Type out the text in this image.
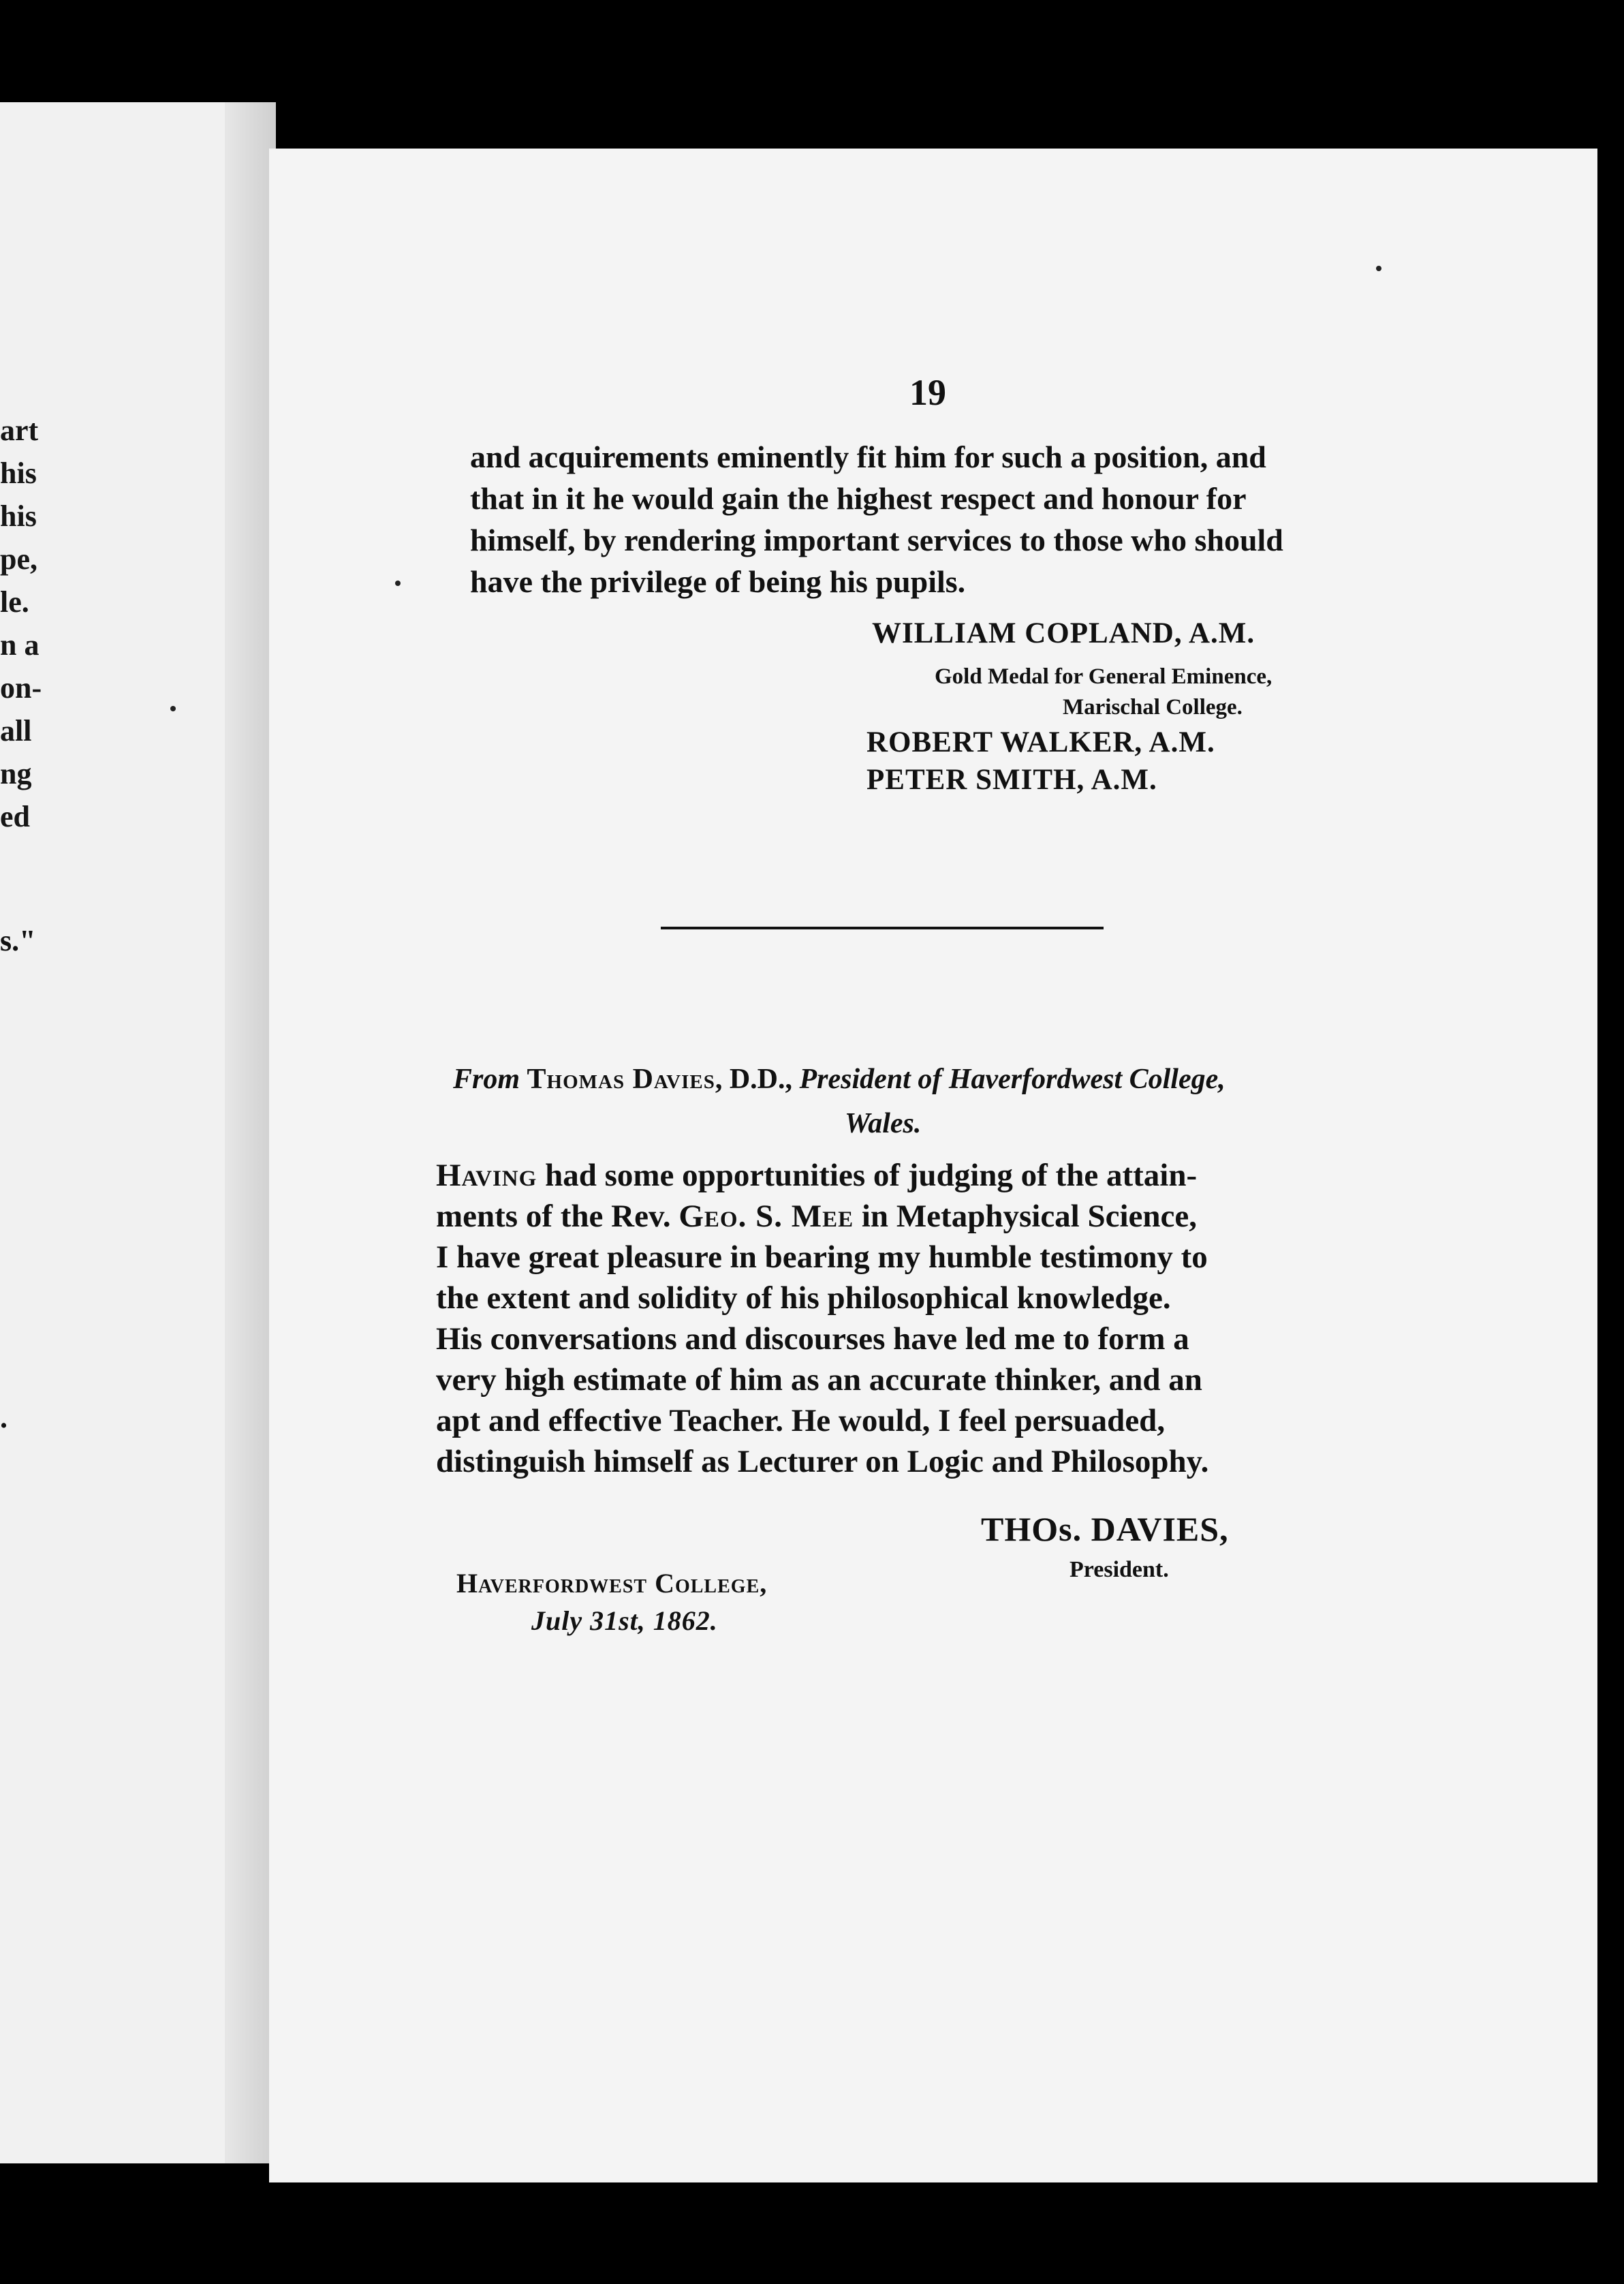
art
his
his
pe,
le.
n a
on-
all
ng
ed
s."
.
19
and acquirements eminently fit him for such a position, and
that in it he would gain the highest respect and honour for
himself, by rendering important services to those who should
have the privilege of being his pupils.
WILLIAM COPLAND, A.M.
Gold Medal for General Eminence,
Marischal College.
ROBERT WALKER, A.M.
PETER SMITH, A.M.
From Thomas Davies, D.D., President of Haverfordwest College,
Wales.
Having had some opportunities of judging of the attain-
ments of the Rev. Geo. S. Mee in Metaphysical Science,
I have great pleasure in bearing my humble testimony to
the extent and solidity of his philosophical knowledge.
His conversations and discourses have led me to form a
very high estimate of him as an accurate thinker, and an
apt and effective Teacher. He would, I feel persuaded,
distinguish himself as Lecturer on Logic and Philosophy.
THOs. DAVIES,
President.
Haverfordwest College,
July 31st, 1862.
